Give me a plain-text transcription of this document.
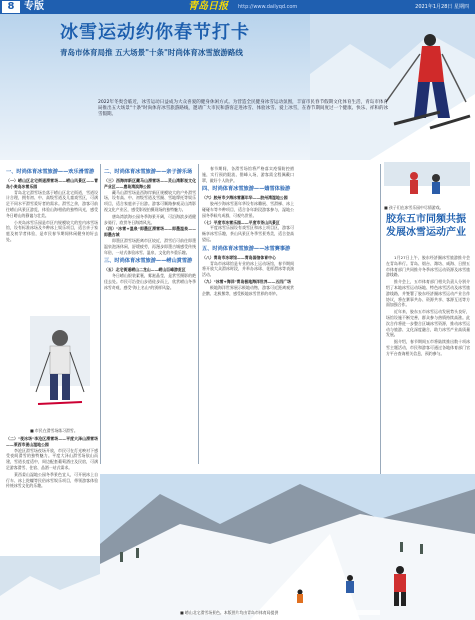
8 专版	青岛日报 http://www.dailyqd.com	2021年1月28日 星期四
冰雪运动约你春节打卡
青岛市体育局推 五大场景"十条"时尚体育冰雪旅游路线
2022年冬奥会临近，冰雪运动日益成为大众喜爱的健身休闲方式。为营造全民健身冰雪运动氛围，丰富市民春节假期文化体育生活，青岛市体育局推出五大场景"十条"时尚体育冰雪旅游路线，邀请广大市民和游客走进冰雪、体验冰雪、爱上冰雪，在春节期间度过一个健康、快乐、祥和的冰雪假期。
一、时尚体育冰雪旅游——欢乐滑雪游
（一）崂山区北宅街道滑雪场——崂山风景区——青岛小麦岛冰雪乐园
青岛北宅滑雪场坐落于崂山区北宅街道，雪道设计合理，拥有初、中、高级雪道及儿童戏雪区，可满足不同水平滑雪爱好者的需求。滑雪之余，游客可前往崂山风景区游览，体验山海相依的独特风光，感受冬日崂山的静谧与壮美。
小麦岛冰雪乐园是市区内规模较大的室内冰雪场馆，设有标准冰场及多种冰上娱乐项目，适合亲子家庭及初学者体验，是市民春节期间休闲健身的好去处。
■ 市民在滑雪场练习滑雪。
（二）"夜冰场"李沧区滑雪场——平度大泽山滑雪场——莱西市姜山湿地公园
李沧区滑雪场夜场开放，市民可在灯光映衬下感受夜间滑雪的独特魅力。平度大泽山滑雪场依山而建，雪道长度适中，周边配套葡萄酒庄及民宿，可满足游客滑雪、住宿、品酒一站式需求。
莱西姜山湿地公园冬季景色宜人，可开展冰上自行车、冰上陀螺等民俗冰雪娱乐项目，带领游客体验传统冰雪文化的乐趣。
二、时尚体育冰雪旅游——亲子游乐场
（三）西海岸新区藏马山滑雪场——灵山湾影视文化产业区——唐岛湾滨海公园
藏马山滑雪场是西海岸新区规模较大的户外滑雪场，设有高、中、初级雪道及雪圈、雪地摩托等娱乐项目，适合家庭亲子出游。游客可顺路参观灵山湾影视文化产业区，感受影视拍摄现场的独特魅力。
唐岛湾滨海公园冬季海景开阔，可沿海滨步道健步骑行，欣赏冬日海湾风光。
（四）"冰雪+温泉"即墨区滑雪场——即墨温泉——即墨古城
即墨区滑雪场距离市区较近，滑雪后可前往即墨温泉泡汤休闲，舒缓疲劳，再漫步即墨古城感受传统年俗，一站式体验冰雪、温泉、文化的多重乐趣。
三、时尚体育冰雪旅游——崂山赏雪游
（五）北宅街道崂山二龙山——崂山巨峰游览区
冬日崂山银装素裹，雾凇晶莹，是赏雪摄影的绝佳去处。市民可沿登山步道徒步而上，欣赏崂山冬季冰雪奇观，感受"海上名山"的别样风姿。
春节期间，各滑雪场馆将严格落实疫情防控措施，实行预约限流、错峰入场，游客需全程佩戴口罩，做好个人防护。
四、时尚体育冰雪旅游——嬉雪体验游
（六）胶州市少海冰雪嘉年华——胶州湾湿地公园
胶州少海冰雪嘉年华设有冰雕展、雪滑梯、冰上碰碰车等多种项目，适合各年龄段游客参与，湿地公园冬季候鸟成群，可观鸟赏景。
（七）平度市冰雪乐园——平度市茶山风景区
平度冰雪乐园设有戏雪区和冰上项目区，游客可畅享冰雪乐趣，茶山风景区冬季雪景秀美，适合登高望远。
五、时尚体育冰雪旅游——冰雪赛事游
（八）青岛市冰球馆——青岛国信体育中心
青岛市冰球馆是专业的冰上运动场馆，春节期间将开放大众滑冰时段，并举办冰球、花样滑冰等表演活动。
（九）"冰雪+海洋"青岛极地海洋世界——五四广场
极地海洋世界展示极地动物，游客可近距离观赏企鹅、北极熊等，感受极地冰雪世界的奇妙。
■ 孩子们在冰雪乐园中尽情游戏。
胶东五市同频共振 发展冰雪运动产业
1月27日上午，胶东经济圈冰雪旅游推介会在青岛举行。青岛、烟台、潍坊、威海、日照五市体育部门共同推介冬季冰雪运动资源及冰雪旅游线路。
推介会上，五市体育部门相关负责人分别介绍了本地冰雪运动场地、特色冰雪活动及冰雪旅游线路，并签署了胶东经济圈冰雪运动产业合作协议，将在赛事共办、资源共享、客源互送等方面加强合作。
近年来，胶东五市冰雪运动发展势头良好，场馆设施不断完善，群众参与热情持续高涨。此次合作将进一步整合区域冰雪资源，推动冰雪运动与旅游、文化深度融合，助力冰雪产业高质量发展。
据介绍，春节期间五市将陆续推出数十项冰雪主题活动，市民和游客可通过各地体育部门官方平台查询相关信息，预约参与。
■ 崂山北宅滑雪场景色。本版图片均由青岛市体育局提供
